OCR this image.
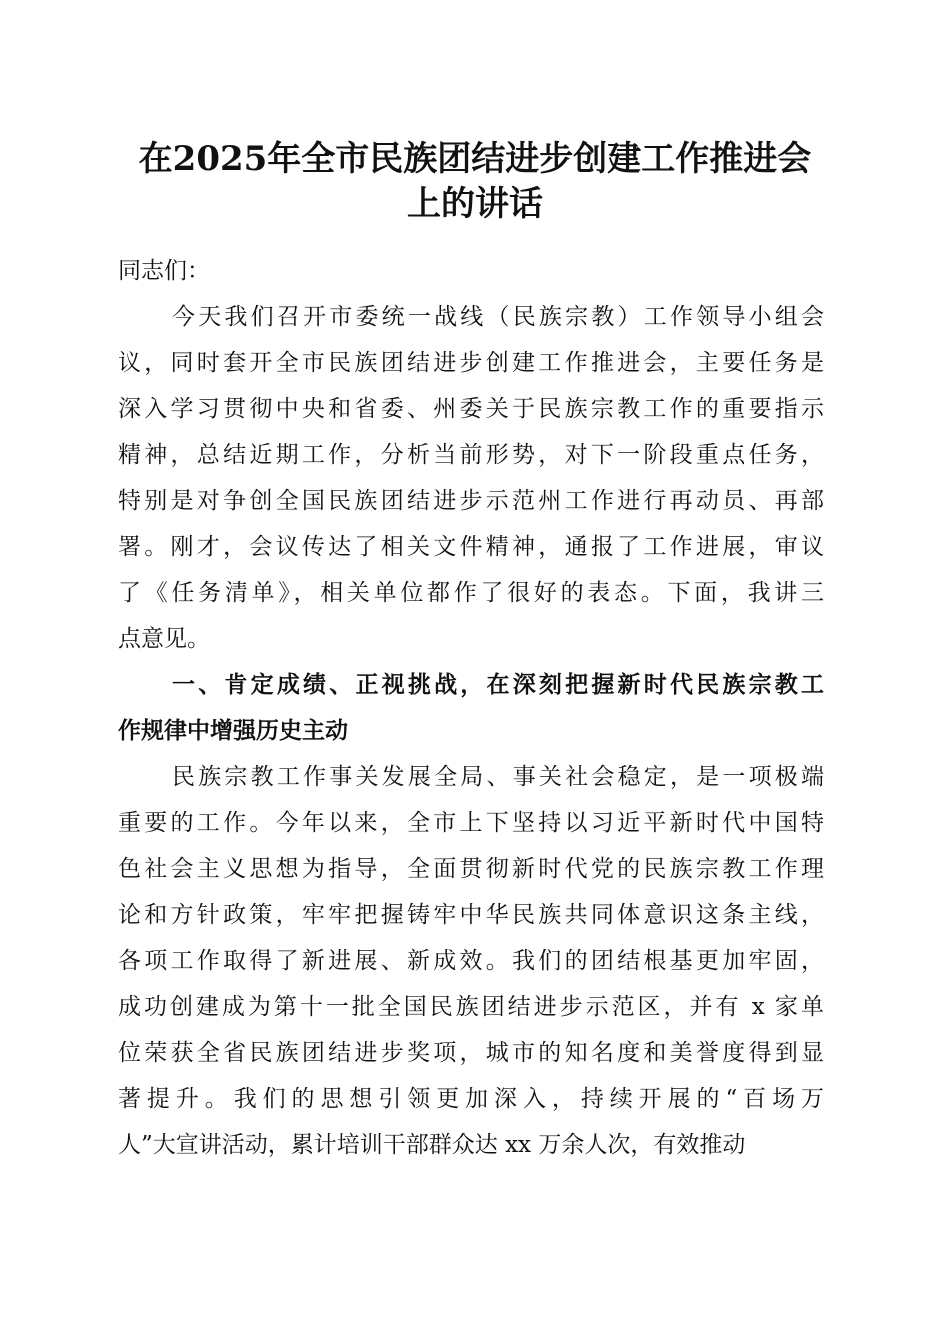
在2025年全市民族团结进步创建工作推进会
上的讲话
同志们：
今天我们召开市委统一战线（民族宗教）工作领导小组会
议，同时套开全市民族团结进步创建工作推进会，主要任务是
深入学习贯彻中央和省委、州委关于民族宗教工作的重要指示
精神，总结近期工作，分析当前形势，对下一阶段重点任务，
特别是对争创全国民族团结进步示范州工作进行再动员、再部
署。刚才，会议传达了相关文件精神，通报了工作进展，审议
了《任务清单》，相关单位都作了很好的表态。下面，我讲三
点意见。
一、肯定成绩、正视挑战，在深刻把握新时代民族宗教工
作规律中增强历史主动
民族宗教工作事关发展全局、事关社会稳定，是一项极端
重要的工作。今年以来，全市上下坚持以习近平新时代中国特
色社会主义思想为指导，全面贯彻新时代党的民族宗教工作理
论和方针政策，牢牢把握铸牢中华民族共同体意识这条主线，
各项工作取得了新进展、新成效。我们的团结根基更加牢固，
成功创建成为第十一批全国民族团结进步示范区，并有 x 家单
位荣获全省民族团结进步奖项，城市的知名度和美誉度得到显
著提升。我们的思想引领更加深入，持续开展的“百场万
人”大宣讲活动，累计培训干部群众达 xx 万余人次，有效推动
